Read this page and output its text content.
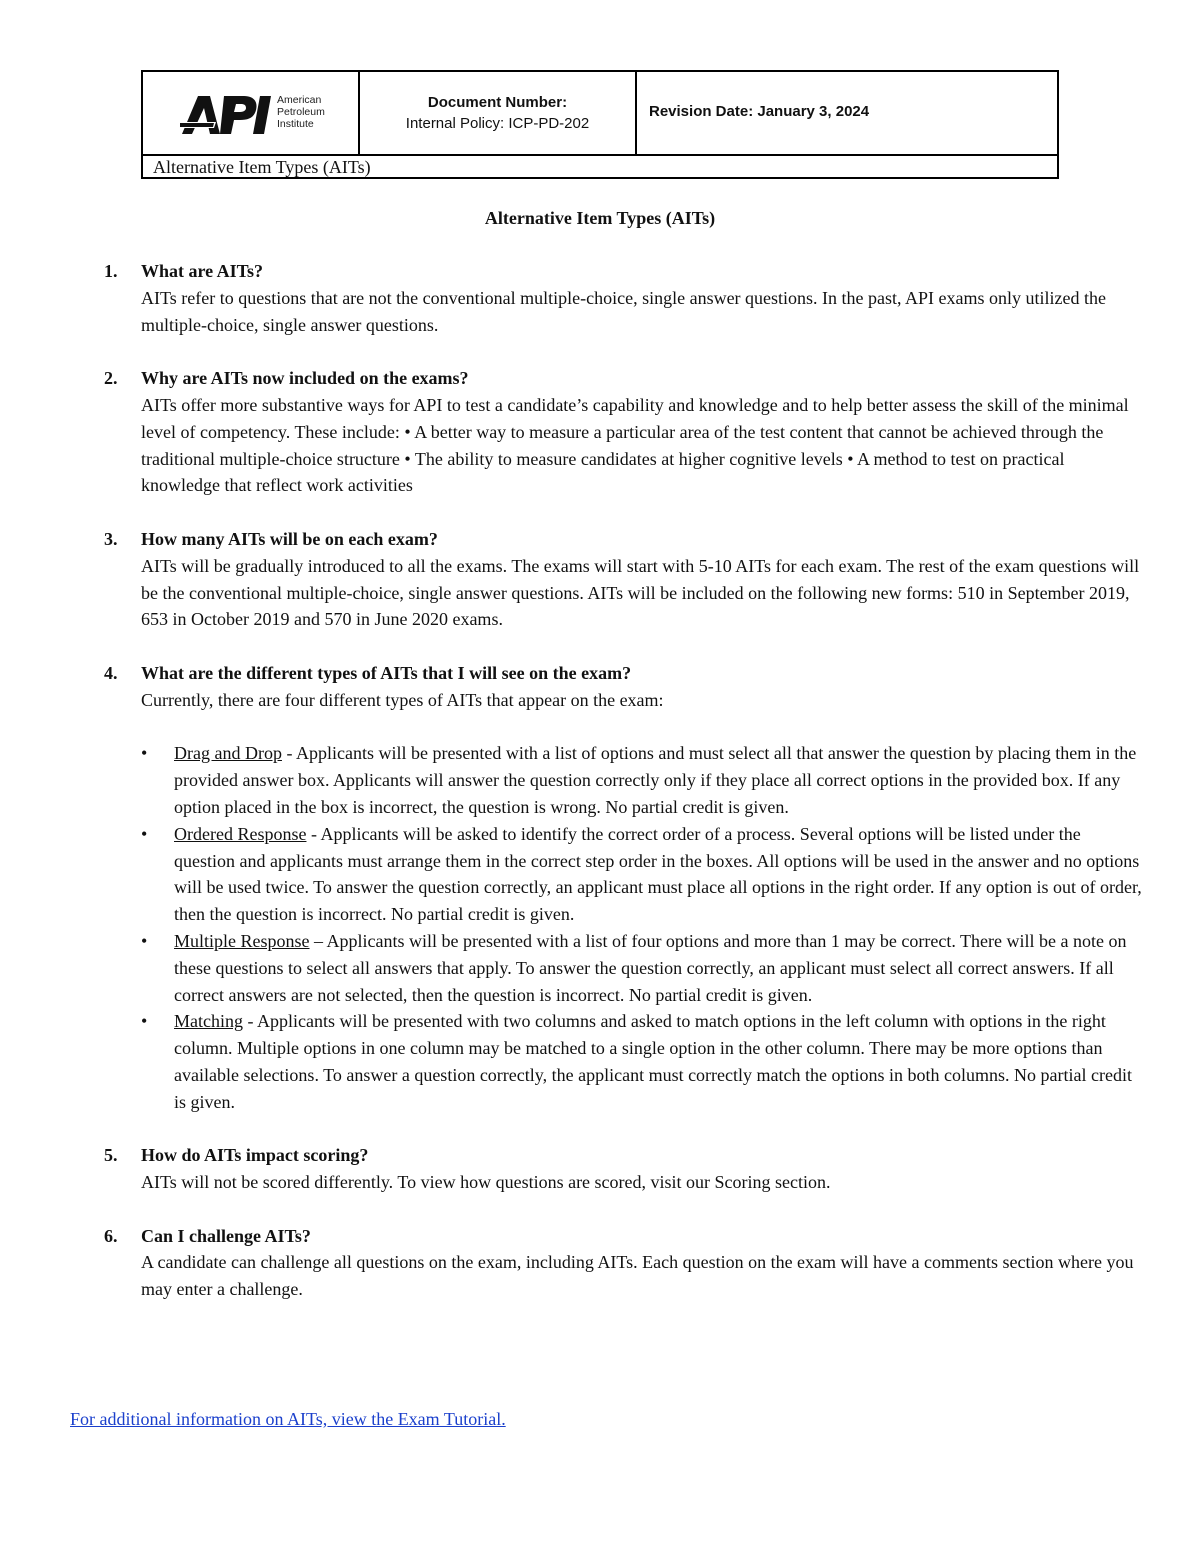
American
Petroleum
Institute
Document Number:
Internal Policy: ICP-PD-202
Revision Date: January 3, 2024
Alternative Item Types (AITs)
Alternative Item Types (AITs)
1. What are AITs?
AITs refer to questions that are not the conventional multiple-choice, single answer questions. In the past, API exams only utilized the multiple-choice, single answer questions.
2. Why are AITs now included on the exams?
AITs offer more substantive ways for API to test a candidate’s capability and knowledge and to help better assess the skill of the minimal level of competency. These include: • A better way to measure a particular area of the test content that cannot be achieved through the traditional multiple-choice structure • The ability to measure candidates at higher cognitive levels • A method to test on practical knowledge that reflect work activities
3. How many AITs will be on each exam?
AITs will be gradually introduced to all the exams. The exams will start with 5-10 AITs for each exam. The rest of the exam questions will be the conventional multiple-choice, single answer questions. AITs will be included on the following new forms: 510 in September 2019, 653 in October 2019 and 570 in June 2020 exams.
4. What are the different types of AITs that I will see on the exam?
Currently, there are four different types of AITs that appear on the exam:
• Drag and Drop - Applicants will be presented with a list of options and must select all that answer the question by placing them in the provided answer box. Applicants will answer the question correctly only if they place all correct options in the provided box. If any option placed in the box is incorrect, the question is wrong. No partial credit is given.
• Ordered Response - Applicants will be asked to identify the correct order of a process. Several options will be listed under the question and applicants must arrange them in the correct step order in the boxes. All options will be used in the answer and no options will be used twice. To answer the question correctly, an applicant must place all options in the right order. If any option is out of order, then the question is incorrect. No partial credit is given.
• Multiple Response – Applicants will be presented with a list of four options and more than 1 may be correct. There will be a note on these questions to select all answers that apply. To answer the question correctly, an applicant must select all correct answers. If all correct answers are not selected, then the question is incorrect. No partial credit is given.
• Matching - Applicants will be presented with two columns and asked to match options in the left column with options in the right column. Multiple options in one column may be matched to a single option in the other column. There may be more options than available selections. To answer a question correctly, the applicant must correctly match the options in both columns. No partial credit is given.
5. How do AITs impact scoring?
AITs will not be scored differently. To view how questions are scored, visit our Scoring section.
6. Can I challenge AITs?
A candidate can challenge all questions on the exam, including AITs. Each question on the exam will have a comments section where you may enter a challenge.
For additional information on AITs, view the Exam Tutorial.
